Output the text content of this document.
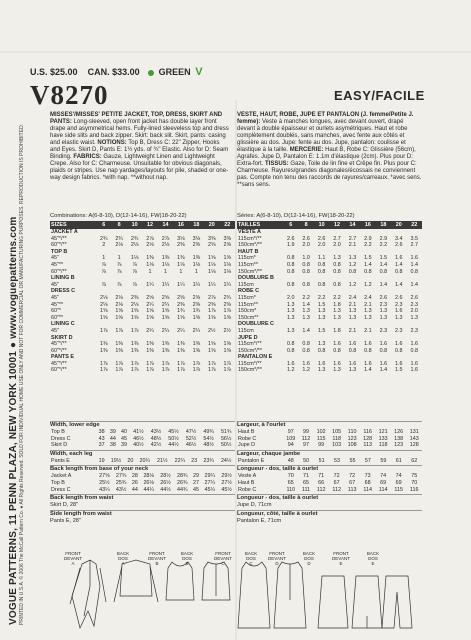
VOGUE PATTERNS, 11 PENN PLAZA, NEW YORK 10001 ● www.voguepatterns.com PRINTED IN U.S.A. © 2006 The McCall Pattern Co. ● All Rights Reserved. SOLD FOR INDIVIDUAL HOME USE ONLY AND NOT FOR COMMERCIAL OR MANUFACTURING PURPOSES. REPRODUCTION IS PROHIBITED.
U.S. $25.00 CAN. $33.00 GREEN V
V8270	EASY/FACILE
MISSES'/MISSES' PETITE JACKET, TOP, DRESS, SKIRT AND PANTS: Long-sleeved, open front jacket has double layer front drape and asymmetrical hems. Fully-lined sleeveless top and dress have side slits and back zipper. Skirt: back slit. Skirt, pants: casing and elastic waist. NOTIONS: Top B, Dress C: 22" Zipper, Hooks and Eyes. Skirt D, Pants E: 1½ yds. of ¾" Elastic. Also for D: Seam Binding. FABRICS: Gauze, Lightweight Linen and Lightweight Crepe. Also for C: Charmeuse. Unsuitable for obvious diagonals, plaids or stripes. Use nap yardages/layouts for pile, shaded or one-way design fabrics. *with nap. **without nap.
VESTE, HAUT, ROBE, JUPE ET PANTALON (J. femme/Petite J. femme): Veste à manches longues, avec devant ouvert, drapé devant à double épaisseur et ourlets asymétriques. Haut et robe complètement doublés, sans manches, avec fente aux côtés et glissière au dos. Jupe: fente au dos. Jupe, pantalon: coulisse et élastique à la taille. MERCERIE: Haut B, Robe C: Glissière (56cm), Agrafes. Jupe D, Pantalon E: 1.1m d'élastique (2cm). Plus pour D: Extra-fort. TISSUS: Gaze, Toile de lin fine et Crêpe fin. Plus pour C: Charmeuse. Rayures/grandes diagonales/écossais ne conviennent pas. Compte non tenu des raccords de rayures/carreaux. *avec sens. **sans sens.
Combinations: A(6-8-10), D(12-14-16), FW(18-20-22)	Séries: A(6-8-10), D(12-14-16), FW(18-20-22)
SIZES	6	8	10	12	14	16	18	20	22
JACKET A									
45"*/**	2¾	2¾	2¾	2⅞	2⅞	3⅛	3⅛	3⅜	3⅜
60"*/**	2	2⅛	2⅛	2⅛	2⅛	2⅜	2⅜	2⅝	2⅝
TOP B									
45"	1	1	1⅛	1⅜	1⅜	1⅜	1⅜	1⅝	1⅝
45"**	⅞	⅞	⅞	1⅛	1⅛	1⅛	1⅛	1⅛	1⅛
60"*/**	⅞	⅞	⅞	1	1	1	1	1⅛	1⅛
LINING B									
45"	⅞	⅞	⅞	1¼	1¼	1¼	1¼	1¼	1¼
DRESS C									
45"	2⅛	2⅛	2⅜	2⅝	2⅝	2⅝	2⅝	2⅞	2¾
45"**	2⅛	2⅛	2⅛	2¼	2¼	2⅜	2⅜	2⅜	2⅜
60"*	1⅝	1⅝	1⅝	1⅝	1⅝	1¾	1¾	1⅞	1⅞
60"**	1⅝	1⅝	1⅝	1⅝	1⅝	1⅝	1⅝	1⅝	1⅝
LINING C									
45"	1⅞	1⅞	1⅞	2¼	2¼	2¼	2¼	2½	2½
SKIRT D									
45"*/**	1⅜	1⅜	1⅜	1⅜	1⅜	1⅜	1⅜	1⅝	1⅝
60"*/**	1⅜	1⅜	1⅜	1⅜	1⅜	1⅜	1⅜	1⅝	1⅝
PANTS E									
45"*/**	1⅞	1⅞	1⅞	1⅞	1⅞	1⅞	1⅞	1⅞	1⅞
60"*/**	1⅞	1⅞	1⅞	1⅞	1⅞	1⅞	1⅞	1⅞	1⅞
TAILLES	6	8	10	12	14	16	18	20	22
VESTE A									
115cm*/**	2.6	2.6	2.6	2.7	2.7	2.9	2.9	3.4	3.5
150cm*/**	1.9	2.0	2.0	2.0	2.1	2.2	2.2	2.6	2.7
HAUT B									
115cm*	0.8	1.0	1.1	1.3	1.3	1.5	1.5	1.6	1.6
115cm**	0.8	0.8	0.8	0.8	1.2	1.4	1.4	1.4	1.4
150cm*/**	0.8	0.8	0.8	0.8	0.8	0.8	0.8	0.8	0.8
DOUBLURE B									
115cm	0.8	0.8	0.8	0.8	1.2	1.2	1.4	1.4	1.4
ROBE C									
115cm*	2.0	2.2	2.2	2.2	2.4	2.4	2.6	2.6	2.6
115cm**	1.3	1.4	1.5	1.8	2.1	2.1	2.3	2.3	2.3
150cm*	1.3	1.3	1.3	1.3	1.3	1.3	1.3	1.6	2.0
150cm**	1.3	1.3	1.3	1.3	1.3	1.3	1.3	1.3	1.3
DOUBLURE C									
115cm	1.3	1.4	1.5	1.8	2.1	2.1	2.3	2.3	2.3
JUPE D									
115cm*/**	0.8	0.8	1.3	1.6	1.6	1.6	1.6	1.6	1.6
150cm*/**	0.8	0.8	0.8	0.8	0.8	0.8	0.8	0.8	0.8
PANTALON E									
115cm*/**	1.6	1.6	1.6	1.6	1.6	1.6	1.6	1.6	1.6
150cm*/**	1.2	1.2	1.3	1.3	1.3	1.4	1.4	1.5	1.6
Width, lower edge
Top B	38	39	40	41½	43½	45½	47½	49¾	51¾
Dress C	43	44	45	46½	48½	50½	52½	54½	56½
Skirt D	37	38	39	40½	42½	44½	46½	48½	50½
Width, each leg
Pants E	19	19½	20	20¼	21½	22¼	23	23¾	24½
Back length from base of your neck
Jacket A	27⅝	27¾	28	28⅛	28½	28¾	29	29¼	29½
Top B	25½	25¾	26	26⅛	26½	26¾	27	27¼	27½
Dress C	43¼	43½	44	44¼	44½	44¾	45	45¼	45½
Back length from waist
Skirt D, 28"
Side length from waist
Pants E, 28"
Largeur, à l'ourlet
Haut B	97	99	102	105	110	116	121	126	131
Robe C	109	112	115	118	123	128	133	138	143
Jupe D	94	97	99	103	108	113	118	123	128
Largeur, chaque jambe
Pantalon E	48	50	51	53	55	57	59	61	62
Longueur - dos, taille à ourlet
Veste A	70	71	71	72	72	73	74	74	75
Haut B	65	65	66	67	67	68	69	69	70
Robe C	110	111	112	112	113	114	114	115	116
Longueur - dos, taille à ourlet
Jupe D, 71cm
Longueur, côté, taille à ourlet
Pantalon E, 71cm
FRONT
DEVANT
A
BACK
DOS
A
FRONT
DEVANT
B
BACK
DOS
B
FRONT
DEVANT
C
BACK
DOS
C
FRONT
DEVANT
D
BACK
DOS
D
FRONT
DEVANT
E
BACK
DOS
E
